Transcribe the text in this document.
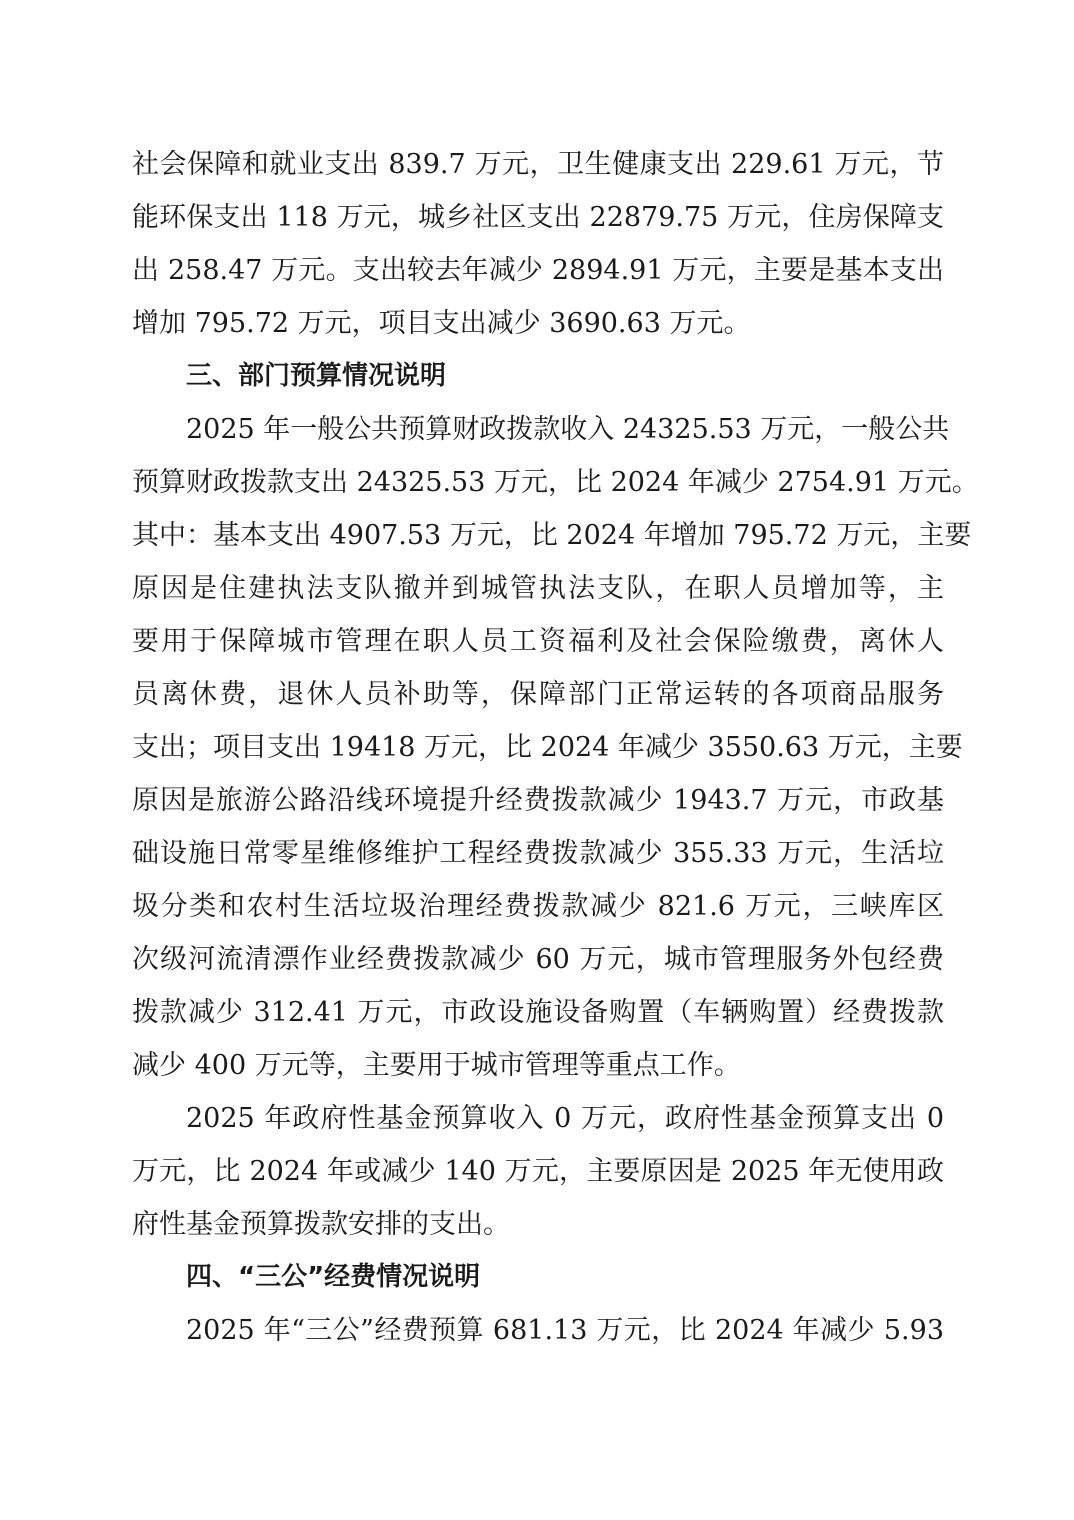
社会保障和就业支出 839.7 万元，卫生健康支出 229.61 万元，节
能环保支出 118 万元，城乡社区支出 22879.75 万元，住房保障支
出 258.47 万元。支出较去年减少 2894.91 万元，主要是基本支出
增加 795.72 万元，项目支出减少 3690.63 万元。
三、部门预算情况说明
2025 年一般公共预算财政拨款收入 24325.53 万元，一般公共
预算财政拨款支出 24325.53 万元，比 2024 年减少 2754.91 万元。
其中：基本支出 4907.53 万元，比 2024 年增加 795.72 万元，主要
原因是住建执法支队撤并到城管执法支队，在职人员增加等，主
要用于保障城市管理在职人员工资福利及社会保险缴费，离休人
员离休费，退休人员补助等，保障部门正常运转的各项商品服务
支出；项目支出 19418 万元，比 2024 年减少 3550.63 万元，主要
原因是旅游公路沿线环境提升经费拨款减少 1943.7 万元，市政基
础设施日常零星维修维护工程经费拨款减少 355.33 万元，生活垃
圾分类和农村生活垃圾治理经费拨款减少 821.6 万元，三峡库区
次级河流清漂作业经费拨款减少 60 万元，城市管理服务外包经费
拨款减少 312.41 万元，市政设施设备购置（车辆购置）经费拨款
减少 400 万元等，主要用于城市管理等重点工作。
2025 年政府性基金预算收入 0 万元，政府性基金预算支出 0
万元，比 2024 年或减少 140 万元，主要原因是 2025 年无使用政
府性基金预算拨款安排的支出。
四、“三公”经费情况说明
2025 年“三公”经费预算 681.13 万元，比 2024 年减少 5.93
